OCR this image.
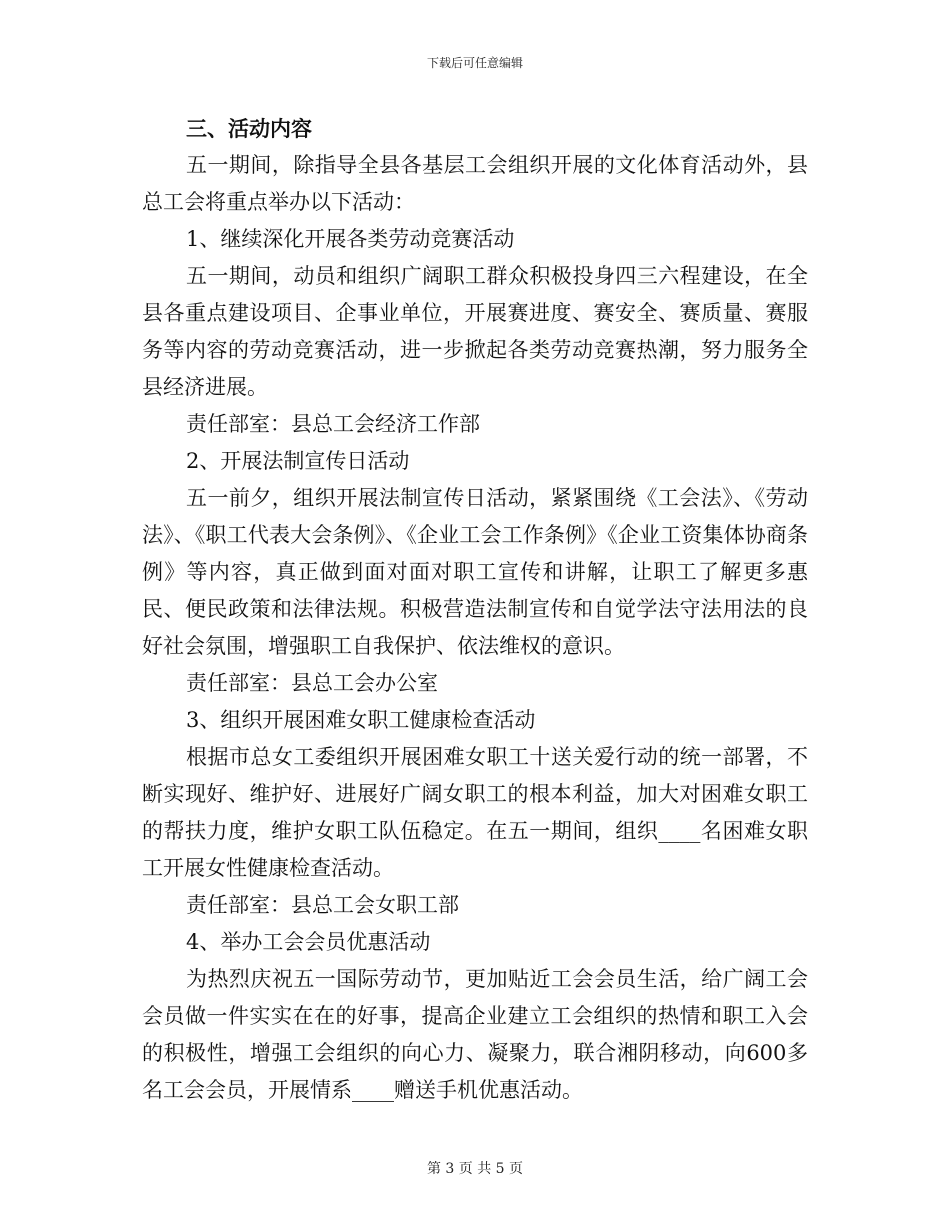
下载后可任意编辑

三、活动内容

五一期间，除指导全县各基层工会组织开展的文化体育活动外，县总工会将重点举办以下活动：

1、继续深化开展各类劳动竞赛活动

五一期间，动员和组织广阔职工群众积极投身四三六程建设，在全县各重点建设项目、企事业单位，开展赛进度、赛安全、赛质量、赛服务等内容的劳动竞赛活动，进一步掀起各类劳动竞赛热潮，努力服务全县经济进展。

责任部室：县总工会经济工作部

2、开展法制宣传日活动

五一前夕，组织开展法制宣传日活动，紧紧围绕《工会法》、《劳动法》、《职工代表大会条例》、《企业工会工作条例》《企业工资集体协商条例》等内容，真正做到面对面对职工宣传和讲解，让职工了解更多惠民、便民政策和法律法规。积极营造法制宣传和自觉学法守法用法的良好社会氛围，增强职工自我保护、依法维权的意识。

责任部室：县总工会办公室

3、组织开展困难女职工健康检查活动

根据市总女工委组织开展困难女职工十送关爱行动的统一部署，不断实现好、维护好、进展好广阔女职工的根本利益，加大对困难女职工的帮扶力度，维护女职工队伍稳定。在五一期间，组织____名困难女职工开展女性健康检查活动。

责任部室：县总工会女职工部

4、举办工会会员优惠活动

为热烈庆祝五一国际劳动节，更加贴近工会会员生活，给广阔工会会员做一件实实在在的好事，提高企业建立工会组织的热情和职工入会的积极性，增强工会组织的向心力、凝聚力，联合湘阴移动，向600多名工会会员，开展情系____赠送手机优惠活动。

第 3 页 共 5 页
